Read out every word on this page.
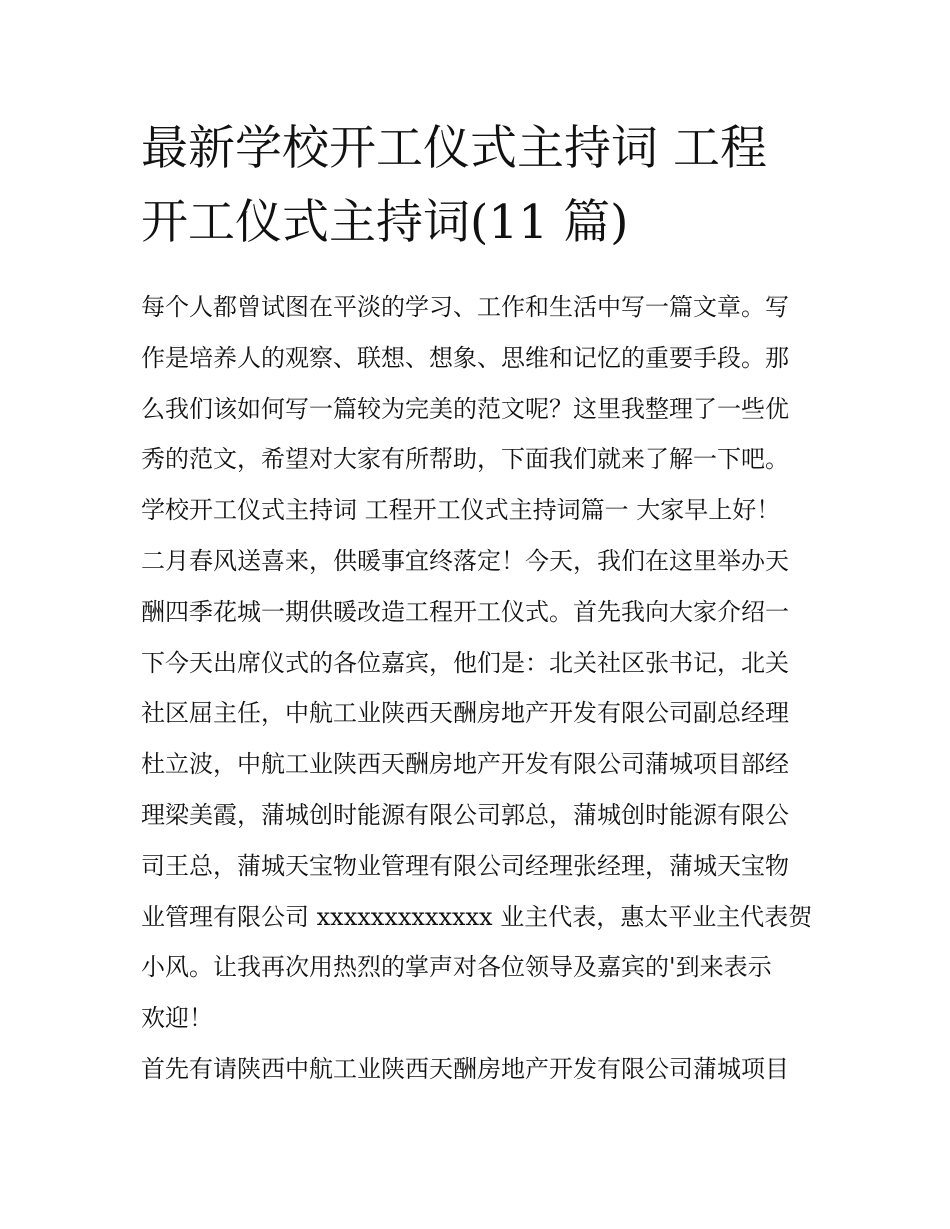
最新学校开工仪式主持词 工程
开工仪式主持词(11 篇)
每个人都曾试图在平淡的学习、工作和生活中写一篇文章。写
作是培养人的观察、联想、想象、思维和记忆的重要手段。那
么我们该如何写一篇较为完美的范文呢？这里我整理了一些优
秀的范文，希望对大家有所帮助，下面我们就来了解一下吧。
学校开工仪式主持词 工程开工仪式主持词篇一 大家早上好！
二月春风送喜来，供暖事宜终落定！今天，我们在这里举办天
酬四季花城一期供暖改造工程开工仪式。首先我向大家介绍一
下今天出席仪式的各位嘉宾，他们是：北关社区张书记，北关
社区屈主任，中航工业陕西天酬房地产开发有限公司副总经理
杜立波，中航工业陕西天酬房地产开发有限公司蒲城项目部经
理梁美霞，蒲城创时能源有限公司郭总，蒲城创时能源有限公
司王总，蒲城天宝物业管理有限公司经理张经理，蒲城天宝物
业管理有限公司 xxxxxxxxxxxxx 业主代表，惠太平业主代表贺
小风。让我再次用热烈的掌声对各位领导及嘉宾的'到来表示
欢迎！
首先有请陕西中航工业陕西天酬房地产开发有限公司蒲城项目
